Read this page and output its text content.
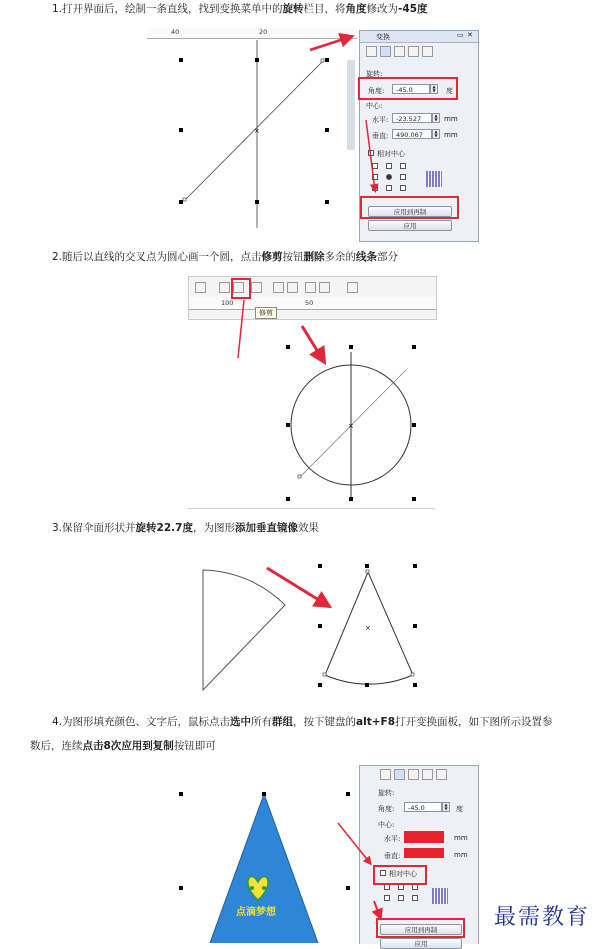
1.打开界面后，绘制一条直线，找到变换菜单中的旋转栏目，将角度修改为-45度
40	20
×
变换	▭ ✕
旋转:
角度:	-45.0	▲
▼	度
中心:
水平:	-23.527	▲
▼ mm
垂直:	490.067	▲
▼ mm
相对中心
应用到再制
应用
2.随后以直线的交叉点为圆心画一个圆，点击修剪按钮删除多余的线条部分
100	50
修剪
×
3.保留伞面形状并旋转22.7度，为图形添加垂直镜像效果
×
4.为图形填充颜色、文字后，鼠标点击选中所有群组，按下键盘的alt+F8打开变换面板，如下图所示设置参
数后，连续点击8次应用到复制按钮即可
点滴梦想
旋转:
角度:	-45.0	▲
▼	度
中心:
水平:	mm
垂直:	mm
相对中心
应用到再制
应用
最需教育
